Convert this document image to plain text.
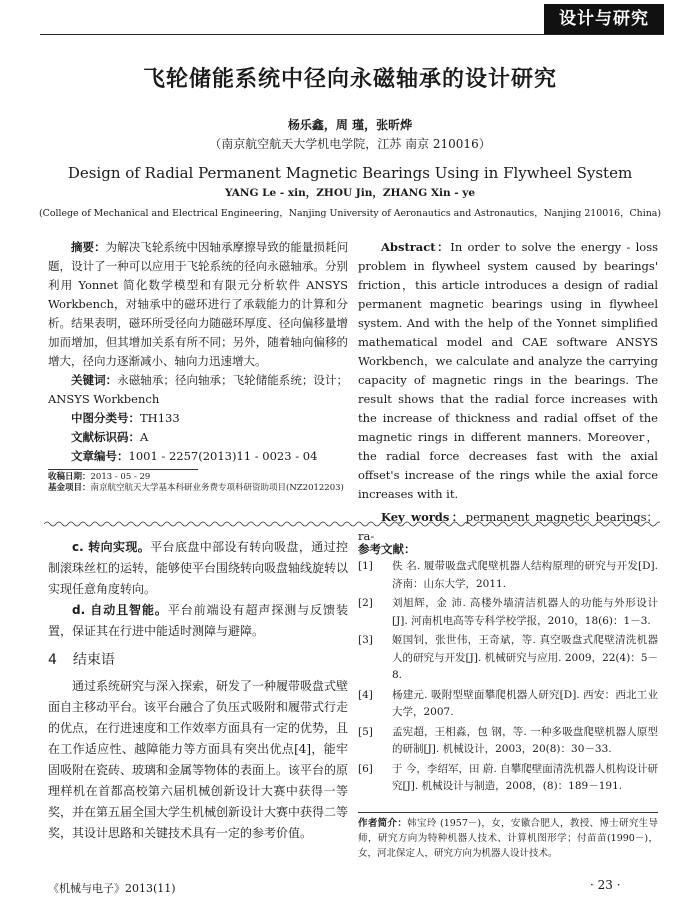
设计与研究
飞轮储能系统中径向永磁轴承的设计研究
杨乐鑫，周 瑾，张昕烨
（南京航空航天大学机电学院，江苏 南京 210016）
Design of Radial Permanent Magnetic Bearings Using in Flywheel System
YANG Le - xin，ZHOU Jin，ZHANG Xin - ye
(College of Mechanical and Electrical Engineering，Nanjing University of Aeronautics and Astronautics，Nanjing 210016，China)

摘要：为解决飞轮系统中因轴承摩擦导致的能量损耗问题，设计了一种可以应用于飞轮系统的径向永磁轴承。分别利用 Yonnet 简化数学模型和有限元分析软件 ANSYS Workbench，对轴承中的磁环进行了承载能力的计算和分析。结果表明，磁环所受径向力随磁环厚度、径向偏移量增加而增加，但其增加关系有所不同；另外，随着轴向偏移的增大，径向力逐渐减小、轴向力迅速增大。

关键词：永磁轴承；径向轴承；飞轮储能系统；设计；ANSYS Workbench

中图分类号：TH133

文献标识码：A

文章编号：1001 - 2257(2013)11 - 0023 - 04

收稿日期：2013 - 05 - 29

基金项目：南京航空航天大学基本科研业务费专项科研资助项目(NZ2012203)

Abstract：In order to solve the energy - loss problem in flywheel system caused by bearings' friction，this article introduces a design of radial permanent magnetic bearings using in flywheel system. And with the help of the Yonnet simplified mathematical model and CAE software ANSYS Workbench，we calculate and analyze the carrying capacity of magnetic rings in the bearings. The result shows that the radial force increases with the increase of thickness and radial offset of the magnetic rings in different manners. Moreover，the radial force decreases fast with the axial offset's increase of the rings while the axial force increases with it.

Key words：permanent magnetic bearings；ra-

c. 转向实现。平台底盘中部设有转向吸盘，通过控制滚珠丝杠的运转，能够使平台围绕转向吸盘轴线旋转以实现任意角度转向。

d. 自动且智能。平台前端设有超声探测与反馈装置，保证其在行进中能适时测障与避障。

4 结束语

通过系统研究与深入探索，研发了一种履带吸盘式壁面自主移动平台。该平台融合了负压式吸附和履带式行走的优点，在行进速度和工作效率方面具有一定的优势，且在工作适应性、越障能力等方面具有突出优点[4]，能牢固吸附在瓷砖、玻璃和金属等物体的表面上。该平台的原理样机在首都高校第六届机械创新设计大赛中获得一等奖，并在第五届全国大学生机械创新设计大赛中获得二等奖，其设计思路和关键技术具有一定的参考价值。

参考文献：
[1]	佚 名. 履带吸盘式爬壁机器人结构原理的研究与开发[D]. 济南：山东大学，2011.
[2]	刘旭辉，金 沛. 高楼外墙清洁机器人的功能与外形设计[J]. 河南机电高等专科学校学报，2010，18(6)：1－3.
[3]	姬国钊，张世伟，王奇斌，等. 真空吸盘式爬壁清洗机器人的研究与开发[J]. 机械研究与应用. 2009，22(4)：5－8.
[4]	杨建元. 吸附型壁面攀爬机器人研究[D]. 西安：西北工业大学，2007.
[5]	孟宪超，王相淼，包 钢，等. 一种多吸盘爬壁机器人原型的研制[J]. 机械设计，2003，20(8)：30－33.
[6]	于 今，李绍军，田 蔚. 自攀爬壁面清洗机器人机构设计研究[J]. 机械设计与制造，2008，(8)：189－191.

作者简介：韩宝玲 (1957－)，女，安徽合肥人，教授、博士研究生导师，研究方向为特种机器人技术、计算机图形学；付苗苗(1990－)，女，河北保定人，研究方向为机器人设计技术。

《机械与电子》2013(11)	· 23 ·
